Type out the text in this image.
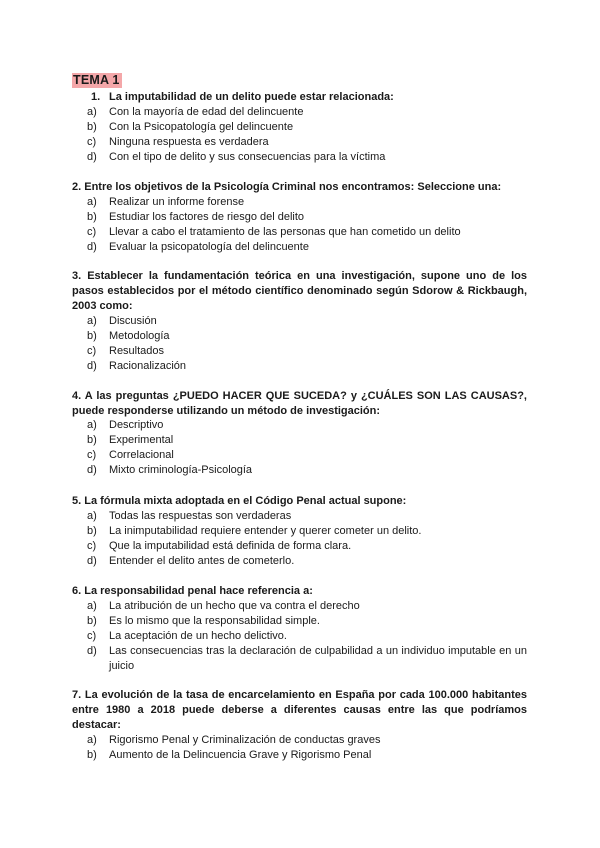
TEMA 1
1. La imputabilidad de un delito puede estar relacionada:
a) Con la mayoría de edad del delincuente
b) Con la Psicopatología gel delincuente
c) Ninguna respuesta es verdadera
d) Con el tipo de delito y sus consecuencias para la víctima
2. Entre los objetivos de la Psicología Criminal nos encontramos: Seleccione una:
a) Realizar un informe forense
b) Estudiar los factores de riesgo del delito
c) Llevar a cabo el tratamiento de las personas que han cometido un delito
d) Evaluar la psicopatología del delincuente
3. Establecer la fundamentación teórica en una investigación, supone uno de los pasos establecidos por el método científico denominado según Sdorow & Rickbaugh, 2003 como:
a) Discusión
b) Metodología
c) Resultados
d) Racionalización
4. A las preguntas ¿PUEDO HACER QUE SUCEDA? y ¿CUÁLES SON LAS CAUSAS?, puede responderse utilizando un método de investigación:
a) Descriptivo
b) Experimental
c) Correlacional
d) Mixto criminología-Psicología
5. La fórmula mixta adoptada en el Código Penal actual supone:
a) Todas las respuestas son verdaderas
b) La inimputabilidad requiere entender y querer cometer un delito.
c) Que la imputabilidad está definida de forma clara.
d) Entender el delito antes de cometerlo.
6. La responsabilidad penal hace referencia a:
a) La atribución de un hecho que va contra el derecho
b) Es lo mismo que la responsabilidad simple.
c) La aceptación de un hecho delictivo.
d) Las consecuencias tras la declaración de culpabilidad a un individuo imputable en un juicio
7. La evolución de la tasa de encarcelamiento en España por cada 100.000 habitantes entre 1980 a 2018 puede deberse a diferentes causas entre las que podríamos destacar:
a) Rigorismo Penal y Criminalización de conductas graves
b) Aumento de la Delincuencia Grave y Rigorismo Penal
